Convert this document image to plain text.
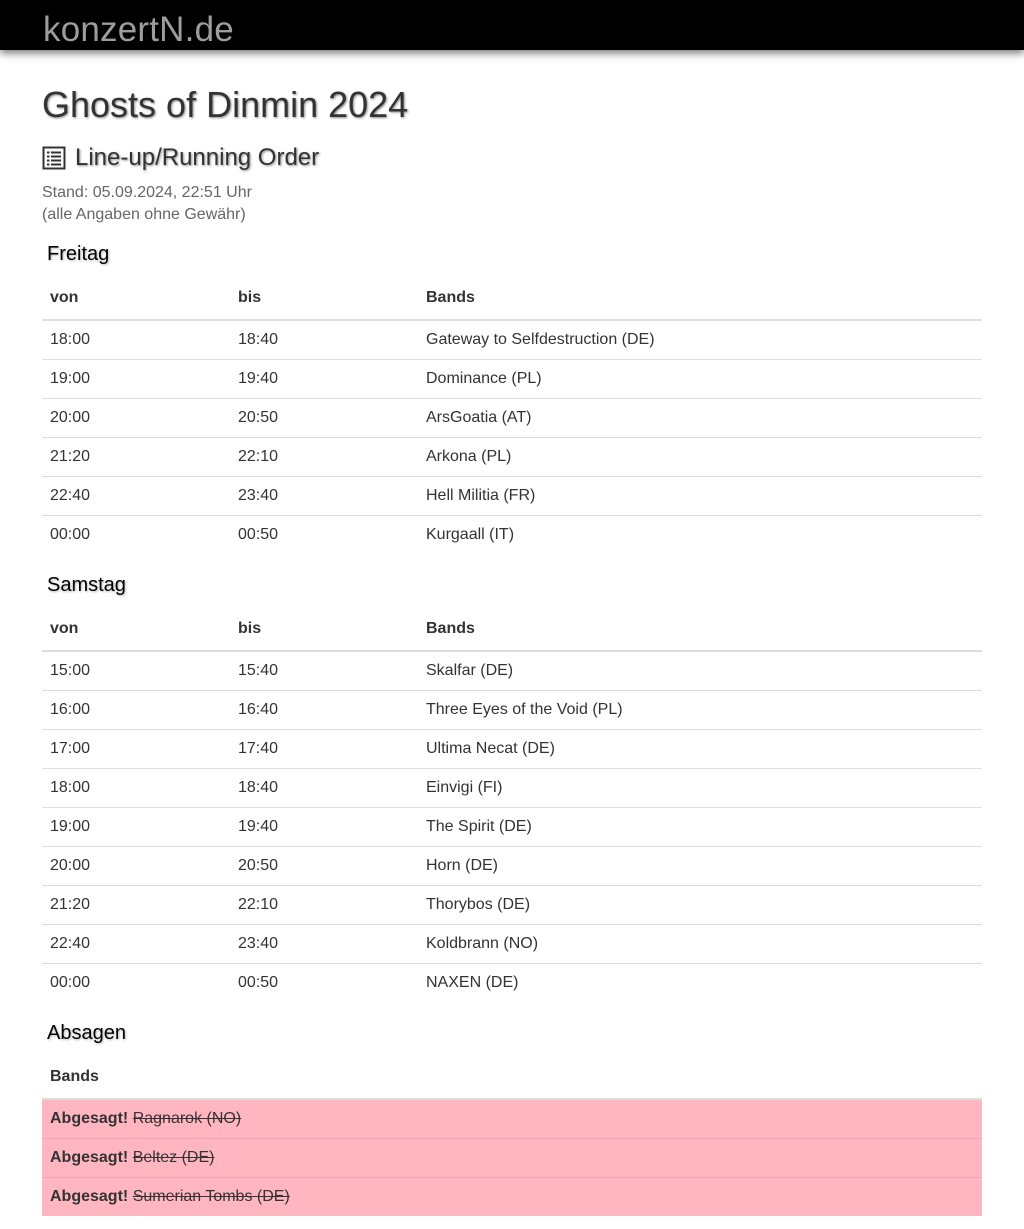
konzertN.de
Ghosts of Dinmin 2024
Line-up/Running Order
Stand: 05.09.2024, 22:51 Uhr
(alle Angaben ohne Gewähr)
Freitag
von	bis	Bands
18:00	18:40	Gateway to Selfdestruction (DE)
19:00	19:40	Dominance (PL)
20:00	20:50	ArsGoatia (AT)
21:20	22:10	Arkona (PL)
22:40	23:40	Hell Militia (FR)
00:00	00:50	Kurgaall (IT)
Samstag
von	bis	Bands
15:00	15:40	Skalfar (DE)
16:00	16:40	Three Eyes of the Void (PL)
17:00	17:40	Ultima Necat (DE)
18:00	18:40	Einvigi (FI)
19:00	19:40	The Spirit (DE)
20:00	20:50	Horn (DE)
21:20	22:10	Thorybos (DE)
22:40	23:40	Koldbrann (NO)
00:00	00:50	NAXEN (DE)
Absagen
Bands
Abgesagt! Ragnarok (NO)
Abgesagt! Beltez (DE)
Abgesagt! Sumerian Tombs (DE)
